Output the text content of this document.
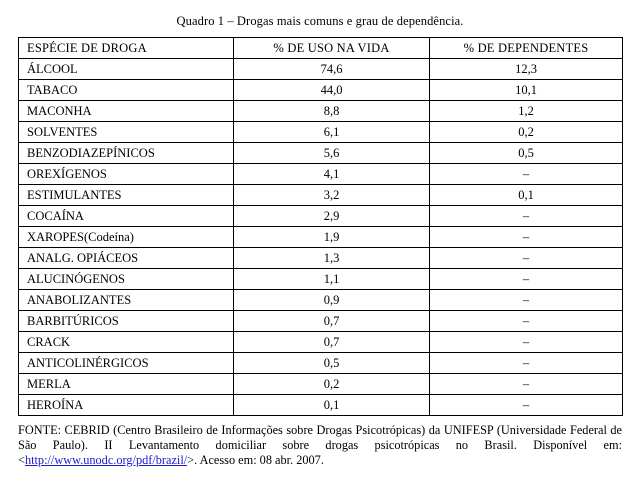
Quadro 1 – Drogas mais comuns e grau de dependência.
ESPÉCIE DE DROGA	% DE USO NA VIDA	% DE DEPENDENTES
ÁLCOOL	74,6	12,3
TABACO	44,0	10,1
MACONHA	8,8	1,2
SOLVENTES	6,1	0,2
BENZODIAZEPÍNICOS	5,6	0,5
OREXÍGENOS	4,1	–
ESTIMULANTES	3,2	0,1
COCAÍNA	2,9	–
XAROPES(Codeína)	1,9	–
ANALG. OPIÁCEOS	1,3	–
ALUCINÓGENOS	1,1	–
ANABOLIZANTES	0,9	–
BARBITÚRICOS	0,7	–
CRACK	0,7	–
ANTICOLINÉRGICOS	0,5	–
MERLA	0,2	–
HEROÍNA	0,1	–
FONTE: CEBRID (Centro Brasileiro de Informações sobre Drogas Psicotrópicas) da UNIFESP (Universidade Federal de São Paulo). II Levantamento domiciliar sobre drogas psicotrópicas no Brasil. Disponível em: <http://www.unodc.org/pdf/brazil/>. Acesso em: 08 abr. 2007.
